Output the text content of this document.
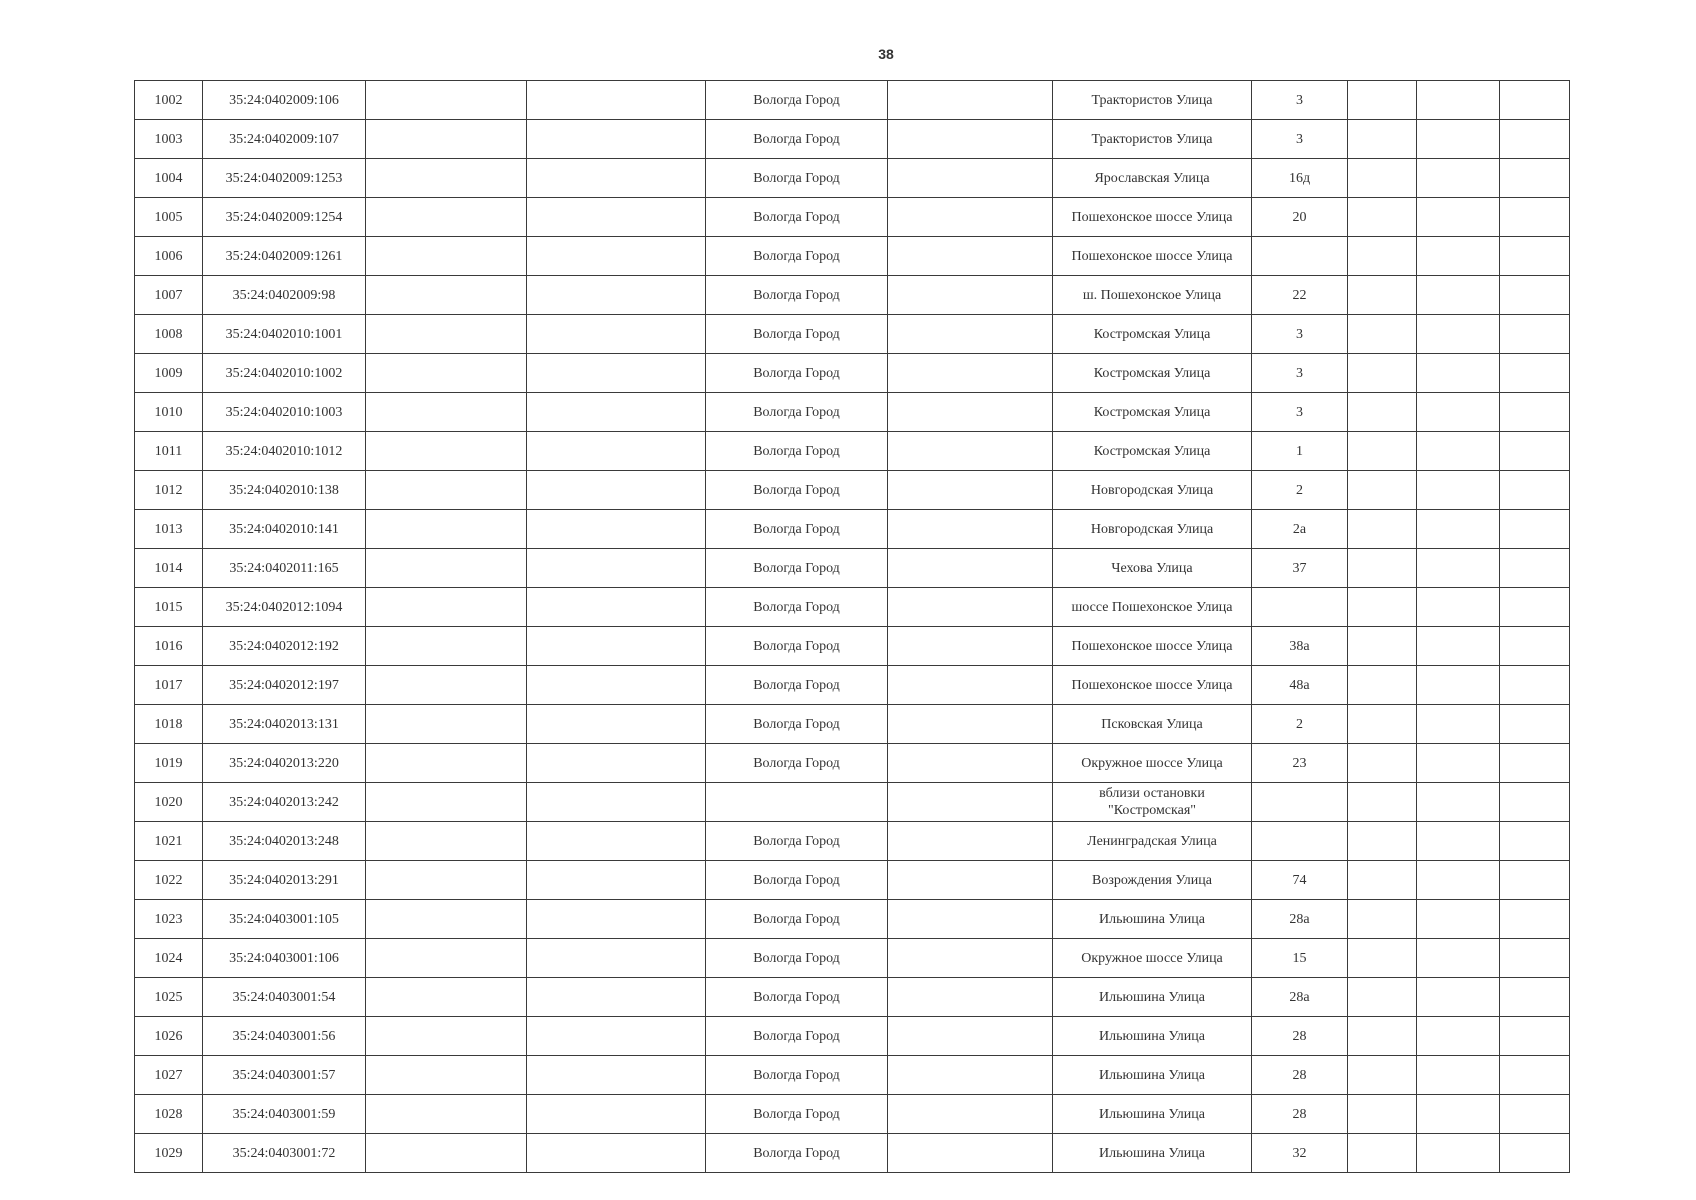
38
1002	35:24:0402009:106			Вологда Город		Трактористов Улица	3			
1003	35:24:0402009:107			Вологда Город		Трактористов Улица	3			
1004	35:24:0402009:1253			Вологда Город		Ярославская Улица	16д			
1005	35:24:0402009:1254			Вологда Город		Пошехонское шоссе Улица	20			
1006	35:24:0402009:1261			Вологда Город		Пошехонское шоссе Улица				
1007	35:24:0402009:98			Вологда Город		ш. Пошехонское Улица	22			
1008	35:24:0402010:1001			Вологда Город		Костромская Улица	3			
1009	35:24:0402010:1002			Вологда Город		Костромская Улица	3			
1010	35:24:0402010:1003			Вологда Город		Костромская Улица	3			
1011	35:24:0402010:1012			Вологда Город		Костромская Улица	1			
1012	35:24:0402010:138			Вологда Город		Новгородская Улица	2			
1013	35:24:0402010:141			Вологда Город		Новгородская Улица	2а			
1014	35:24:0402011:165			Вологда Город		Чехова Улица	37			
1015	35:24:0402012:1094			Вологда Город		шоссе Пошехонское Улица				
1016	35:24:0402012:192			Вологда Город		Пошехонское шоссе Улица	38а			
1017	35:24:0402012:197			Вологда Город		Пошехонское шоссе Улица	48а			
1018	35:24:0402013:131			Вологда Город		Псковская Улица	2			
1019	35:24:0402013:220			Вологда Город		Окружное шоссе Улица	23			
1020	35:24:0402013:242					вблизи остановки "Костромская"				
1021	35:24:0402013:248			Вологда Город		Ленинградская Улица				
1022	35:24:0402013:291			Вологда Город		Возрождения Улица	74			
1023	35:24:0403001:105			Вологда Город		Ильюшина Улица	28а			
1024	35:24:0403001:106			Вологда Город		Окружное шоссе Улица	15			
1025	35:24:0403001:54			Вологда Город		Ильюшина Улица	28а			
1026	35:24:0403001:56			Вологда Город		Ильюшина Улица	28			
1027	35:24:0403001:57			Вологда Город		Ильюшина Улица	28			
1028	35:24:0403001:59			Вологда Город		Ильюшина Улица	28			
1029	35:24:0403001:72			Вологда Город		Ильюшина Улица	32			
